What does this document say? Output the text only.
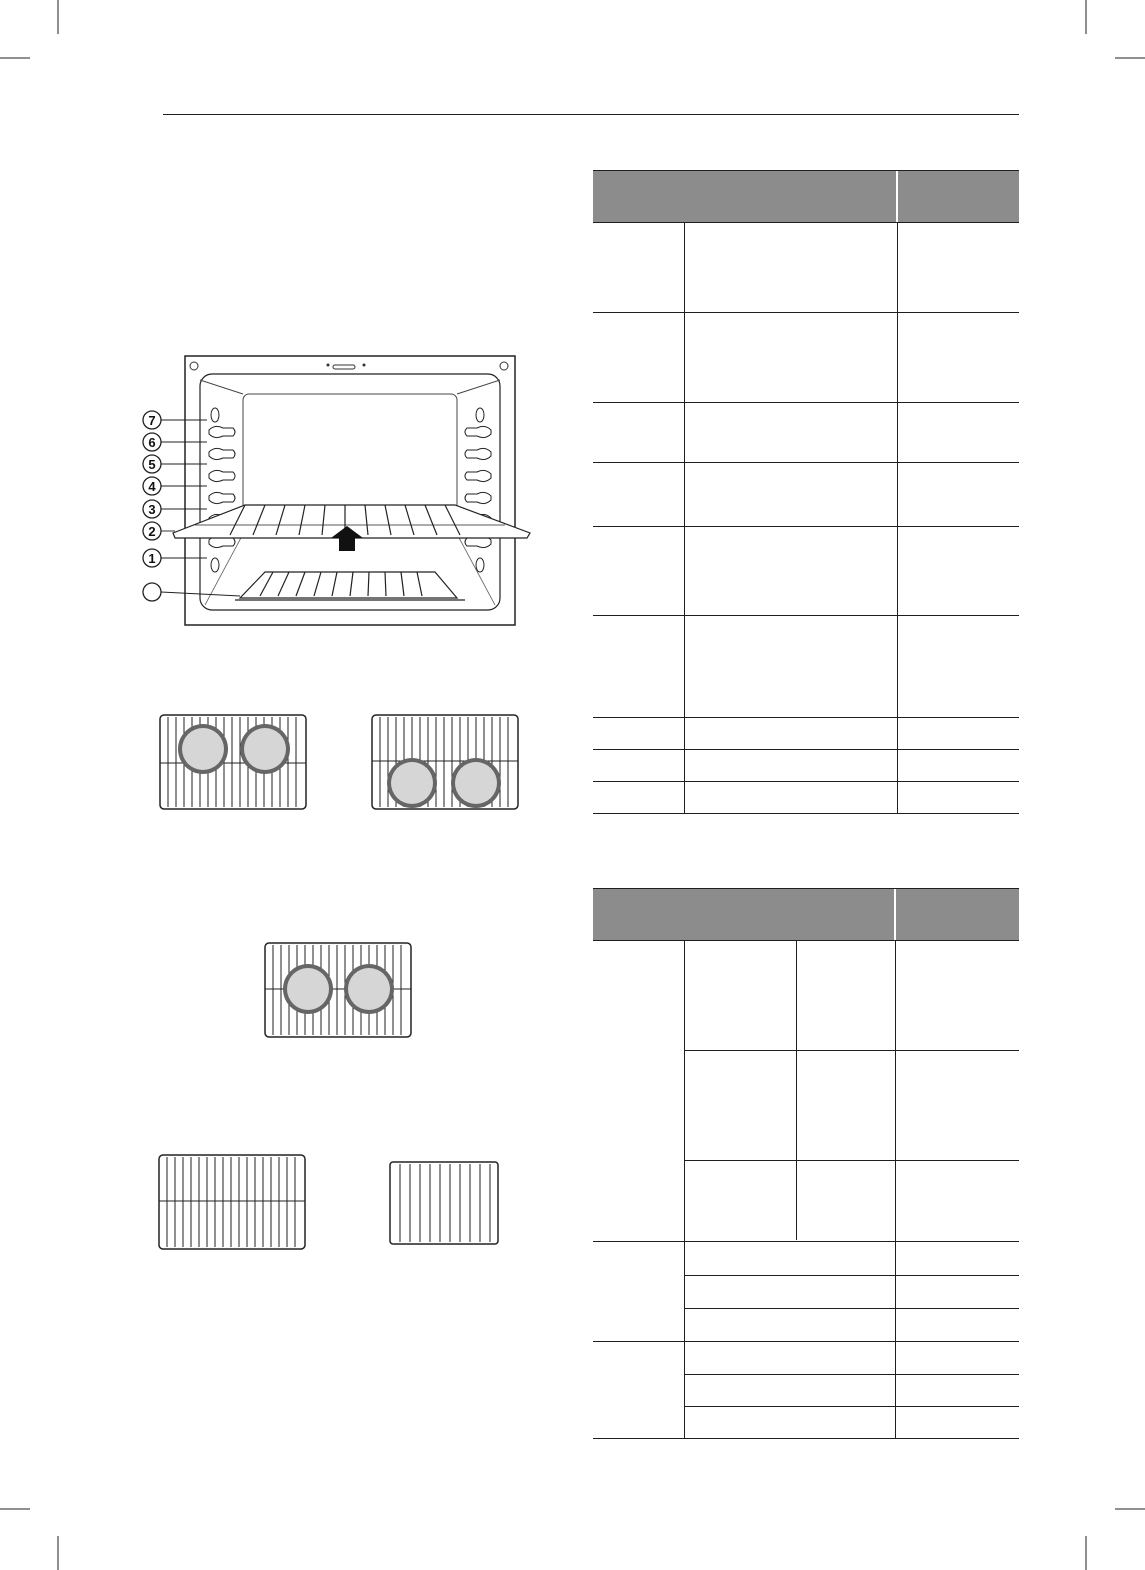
7
6
5
4
3
2
1
